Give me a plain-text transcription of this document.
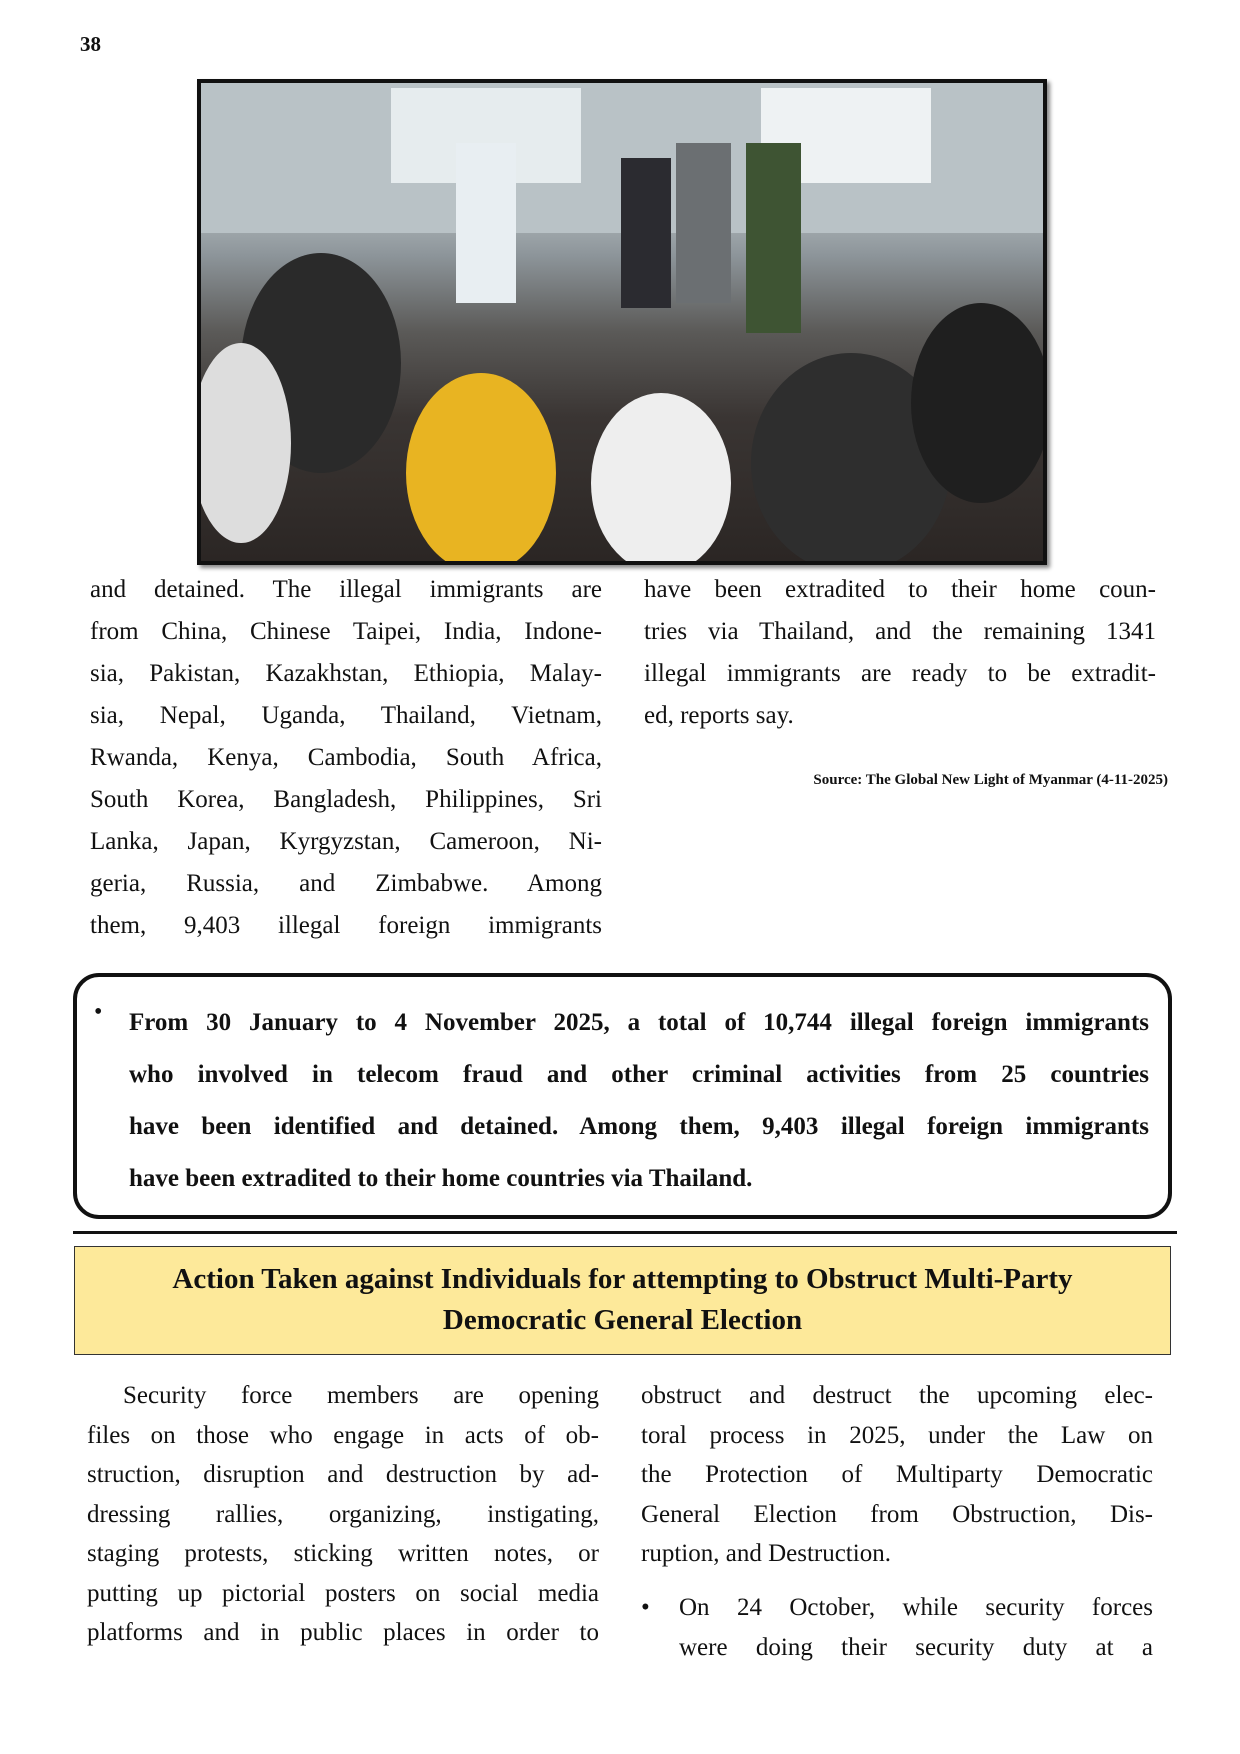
38
and detained. The illegal immigrants are
from China, Chinese Taipei, India, Indone-
sia, Pakistan, Kazakhstan, Ethiopia, Malay-
sia, Nepal, Uganda, Thailand, Vietnam,
Rwanda, Kenya, Cambodia, South Africa,
South Korea, Bangladesh, Philippines, Sri
Lanka, Japan, Kyrgyzstan, Cameroon, Ni-
geria, Russia, and Zimbabwe. Among
them, 9,403 illegal foreign immigrants
have been extradited to their home coun-
tries via Thailand, and the remaining 1341
illegal immigrants are ready to be extradit-
ed, reports say.
Source: The Global New Light of Myanmar (4-11-2025)
• From 30 January to 4 November 2025, a total of 10,744 illegal foreign immigrants
who involved in telecom fraud and other criminal activities from 25 countries
have been identified and detained. Among them, 9,403 illegal foreign immigrants
have been extradited to their home countries via Thailand.
Action Taken against Individuals for attempting to Obstruct Multi-Party
Democratic General Election
Security force members are opening
files on those who engage in acts of ob-
struction, disruption and destruction by ad-
dressing rallies, organizing, instigating,
staging protests, sticking written notes, or
putting up pictorial posters on social media
platforms and in public places in order to
obstruct and destruct the upcoming elec-
toral process in 2025, under the Law on
the Protection of Multiparty Democratic
General Election from Obstruction, Dis-
ruption, and Destruction.
• On 24 October, while security forces
were doing their security duty at a
